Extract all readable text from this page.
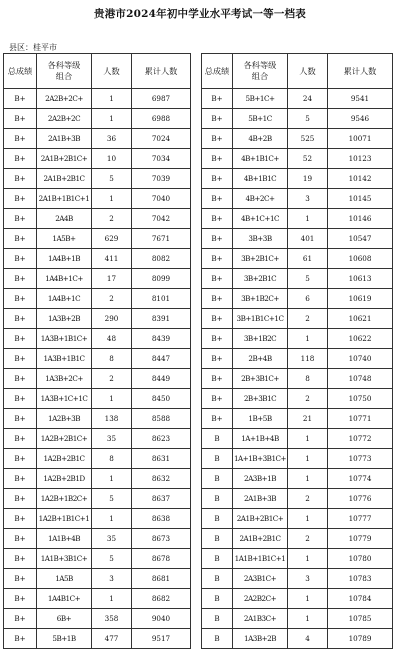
贵港市2024年初中学业水平考试一等一档表
县区：桂平市
总成绩	各科等级
组合	人数	累计人数
B+	2A2B+2C+	1	6987
B+	2A2B+2C	1	6988
B+	2A1B+3B	36	7024
B+	2A1B+2B1C+	10	7034
B+	2A1B+2B1C	5	7039
B+	2A1B+1B1C+1	1	7040
B+	2A4B	2	7042
B+	1A5B+	629	7671
B+	1A4B+1B	411	8082
B+	1A4B+1C+	17	8099
B+	1A4B+1C	2	8101
B+	1A3B+2B	290	8391
B+	1A3B+1B1C+	48	8439
B+	1A3B+1B1C	8	8447
B+	1A3B+2C+	2	8449
B+	1A3B+1C+1C	1	8450
B+	1A2B+3B	138	8588
B+	1A2B+2B1C+	35	8623
B+	1A2B+2B1C	8	8631
B+	1A2B+2B1D	1	8632
B+	1A2B+1B2C+	5	8637
B+	1A2B+1B1C+1	1	8638
B+	1A1B+4B	35	8673
B+	1A1B+3B1C+	5	8678
B+	1A5B	3	8681
B+	1A4B1C+	1	8682
B+	6B+	358	9040
B+	5B+1B	477	9517
总成绩	各科等级
组合	人数	累计人数
B+	5B+1C+	24	9541
B+	5B+1C	5	9546
B+	4B+2B	525	10071
B+	4B+1B1C+	52	10123
B+	4B+1B1C	19	10142
B+	4B+2C+	3	10145
B+	4B+1C+1C	1	10146
B+	3B+3B	401	10547
B+	3B+2B1C+	61	10608
B+	3B+2B1C	5	10613
B+	3B+1B2C+	6	10619
B+	3B+1B1C+1C	2	10621
B+	3B+1B2C	1	10622
B+	2B+4B	118	10740
B+	2B+3B1C+	8	10748
B+	2B+3B1C	2	10750
B+	1B+5B	21	10771
B	1A+1B+4B	1	10772
B	1A+1B+3B1C+	1	10773
B	2A3B+1B	1	10774
B	2A1B+3B	2	10776
B	2A1B+2B1C+	1	10777
B	2A1B+2B1C	2	10779
B	1A1B+1B1C+1	1	10780
B	2A3B1C+	3	10783
B	2A2B2C+	1	10784
B	2A1B3C+	1	10785
B	1A3B+2B	4	10789
